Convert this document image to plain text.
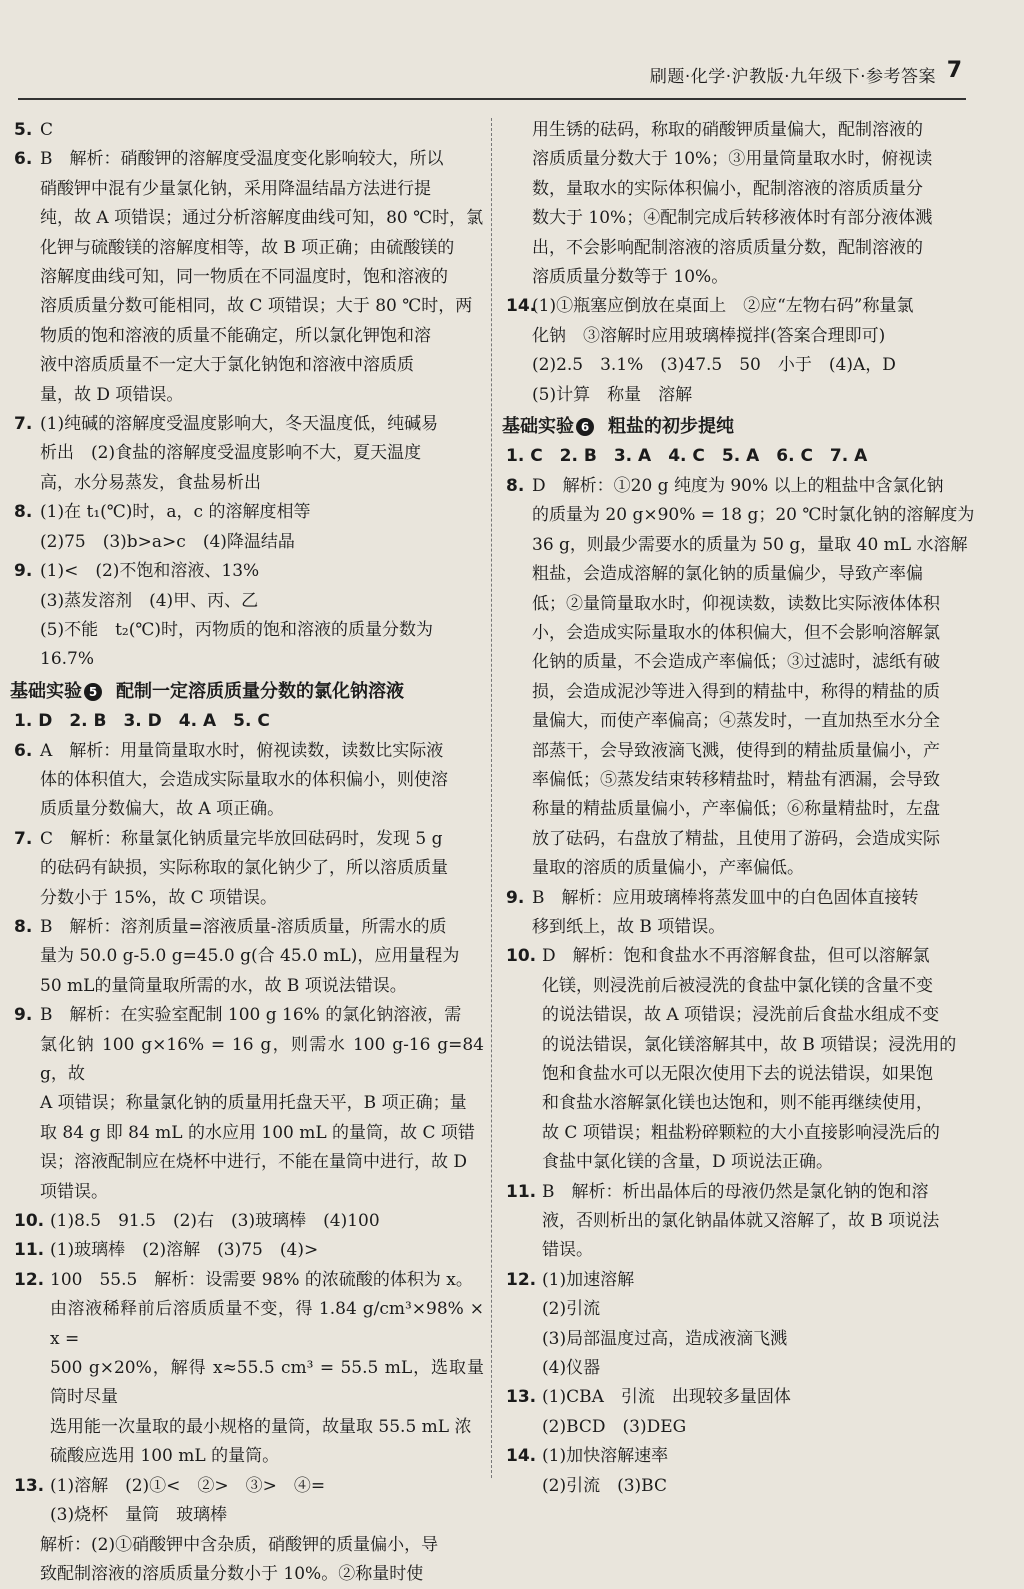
刷题·化学·沪教版·九年级下·参考答案 7
5. C
6. B　解析：硝酸钾的溶解度受温度变化影响较大，所以
硝酸钾中混有少量氯化钠，采用降温结晶方法进行提
纯，故 A 项错误；通过分析溶解度曲线可知，80 ℃时，氯
化钾与硫酸镁的溶解度相等，故 B 项正确；由硫酸镁的
溶解度曲线可知，同一物质在不同温度时，饱和溶液的
溶质质量分数可能相同，故 C 项错误；大于 80 ℃时，两
物质的饱和溶液的质量不能确定，所以氯化钾饱和溶
液中溶质质量不一定大于氯化钠饱和溶液中溶质质
量，故 D 项错误。
7. (1)纯碱的溶解度受温度影响大，冬天温度低，纯碱易
析出　(2)食盐的溶解度受温度影响不大，夏天温度
高，水分易蒸发，食盐易析出
8. (1)在 t₁(℃)时，a，c 的溶解度相等
(2)75　(3)b>a>c　(4)降温结晶
9. (1)<　(2)不饱和溶液、13%
(3)蒸发溶剂　(4)甲、丙、乙
(5)不能　t₂(℃)时，丙物质的饱和溶液的质量分数为
16.7%
基础实验 5 配制一定溶质质量分数的氯化钠溶液
1. D　2. B　3. D　4. A　5. C
6. A　解析：用量筒量取水时，俯视读数，读数比实际液
体的体积值大，会造成实际量取水的体积偏小，则使溶
质质量分数偏大，故 A 项正确。
7. C　解析：称量氯化钠质量完毕放回砝码时，发现 5 g
的砝码有缺损，实际称取的氯化钠少了，所以溶质质量
分数小于 15%，故 C 项错误。
8. B　解析：溶剂质量=溶液质量-溶质质量，所需水的质
量为 50.0 g-5.0 g=45.0 g(合 45.0 mL)，应用量程为
50 mL的量筒量取所需的水，故 B 项说法错误。
9. B　解析：在实验室配制 100 g 16% 的氯化钠溶液，需
氯化钠 100 g×16% = 16 g，则需水 100 g-16 g=84 g，故
A 项错误；称量氯化钠的质量用托盘天平，B 项正确；量
取 84 g 即 84 mL 的水应用 100 mL 的量筒，故 C 项错
误；溶液配制应在烧杯中进行，不能在量筒中进行，故 D
项错误。
10. (1)8.5　91.5　(2)右　(3)玻璃棒　(4)100
11. (1)玻璃棒　(2)溶解　(3)75　(4)>
12. 100　55.5　解析：设需要 98% 的浓硫酸的体积为 x。
由溶液稀释前后溶质质量不变，得 1.84 g/cm³×98% × x =
500 g×20%，解得 x≈55.5 cm³ = 55.5 mL，选取量筒时尽量
选用能一次量取的最小规格的量筒，故量取 55.5 mL 浓
硫酸应选用 100 mL 的量筒。
13. (1)溶解　(2)①<　②>　③>　④=
(3)烧杯　量筒　玻璃棒
解析：(2)①硝酸钾中含杂质，硝酸钾的质量偏小，导
致配制溶液的溶质质量分数小于 10%。②称量时使
用生锈的砝码，称取的硝酸钾质量偏大，配制溶液的
溶质质量分数大于 10%；③用量筒量取水时，俯视读
数，量取水的实际体积偏小，配制溶液的溶质质量分
数大于 10%；④配制完成后转移液体时有部分液体溅
出，不会影响配制溶液的溶质质量分数，配制溶液的
溶质质量分数等于 10%。
14.
(1)①瓶塞应倒放在桌面上　②应“左物右码”称量氯
化钠　③溶解时应用玻璃棒搅拌(答案合理即可)
(2)2.5　3.1%　(3)47.5　50　小于　(4)A，D
(5)计算　称量　溶解
基础实验 6 粗盐的初步提纯
1. C　2. B　3. A　4. C　5. A　6. C　7. A
8. D　解析：①20 g 纯度为 90% 以上的粗盐中含氯化钠
的质量为 20 g×90% = 18 g；20 ℃时氯化钠的溶解度为
36 g，则最少需要水的质量为 50 g，量取 40 mL 水溶解
粗盐，会造成溶解的氯化钠的质量偏少，导致产率偏
低；②量筒量取水时，仰视读数，读数比实际液体体积
小，会造成实际量取水的体积偏大，但不会影响溶解氯
化钠的质量，不会造成产率偏低；③过滤时，滤纸有破
损，会造成泥沙等进入得到的精盐中，称得的精盐的质
量偏大，而使产率偏高；④蒸发时，一直加热至水分全
部蒸干，会导致液滴飞溅，使得到的精盐质量偏小，产
率偏低；⑤蒸发结束转移精盐时，精盐有洒漏，会导致
称量的精盐质量偏小，产率偏低；⑥称量精盐时，左盘
放了砝码，右盘放了精盐，且使用了游码，会造成实际
量取的溶质的质量偏小，产率偏低。
9. B　解析：应用玻璃棒将蒸发皿中的白色固体直接转
移到纸上，故 B 项错误。
10. D　解析：饱和食盐水不再溶解食盐，但可以溶解氯
化镁，则浸洗前后被浸洗的食盐中氯化镁的含量不变
的说法错误，故 A 项错误；浸洗前后食盐水组成不变
的说法错误，氯化镁溶解其中，故 B 项错误；浸洗用的
饱和食盐水可以无限次使用下去的说法错误，如果饱
和食盐水溶解氯化镁也达饱和，则不能再继续使用，
故 C 项错误；粗盐粉碎颗粒的大小直接影响浸洗后的
食盐中氯化镁的含量，D 项说法正确。
11. B　解析：析出晶体后的母液仍然是氯化钠的饱和溶
液，否则析出的氯化钠晶体就又溶解了，故 B 项说法
错误。
12. (1)加速溶解
(2)引流
(3)局部温度过高，造成液滴飞溅
(4)仪器
13. (1)CBA　引流　出现较多量固体
(2)BCD　(3)DEG
14. (1)加快溶解速率
(2)引流　(3)BC
